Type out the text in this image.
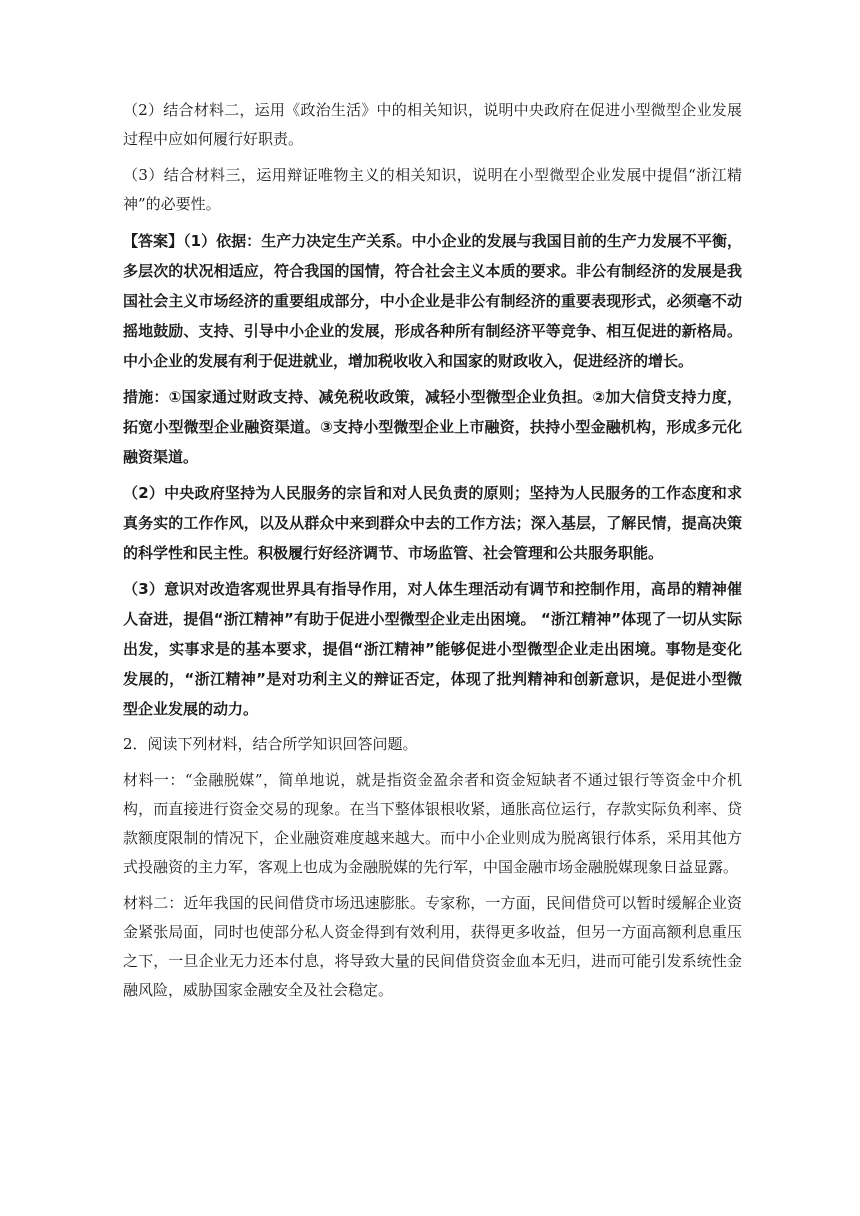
（2）结合材料二，运用《政治生活》中的相关知识，说明中央政府在促进小型微型企业发展过程中应如何履行好职责。

（3）结合材料三，运用辩证唯物主义的相关知识，说明在小型微型企业发展中提倡“浙江精神”的必要性。

【答案】（1）依据：生产力决定生产关系。中小企业的发展与我国目前的生产力发展不平衡，多层次的状况相适应，符合我国的国情，符合社会主义本质的要求。非公有制经济的发展是我国社会主义市场经济的重要组成部分，中小企业是非公有制经济的重要表现形式，必须毫不动摇地鼓励、支持、引导中小企业的发展，形成各种所有制经济平等竞争、相互促进的新格局。中小企业的发展有利于促进就业，增加税收收入和国家的财政收入，促进经济的增长。

措施：①国家通过财政支持、减免税收政策，减轻小型微型企业负担。②加大信贷支持力度，拓宽小型微型企业融资渠道。③支持小型微型企业上市融资，扶持小型金融机构，形成多元化融资渠道。

（2）中央政府坚持为人民服务的宗旨和对人民负责的原则；坚持为人民服务的工作态度和求真务实的工作作风，以及从群众中来到群众中去的工作方法；深入基层，了解民情，提高决策的科学性和民主性。积极履行好经济调节、市场监管、社会管理和公共服务职能。

（3）意识对改造客观世界具有指导作用，对人体生理活动有调节和控制作用，高昂的精神催人奋进，提倡“浙江精神”有助于促进小型微型企业走出困境。 “浙江精神”体现了一切从实际出发，实事求是的基本要求，提倡“浙江精神”能够促进小型微型企业走出困境。事物是变化发展的，“浙江精神”是对功利主义的辩证否定，体现了批判精神和创新意识，是促进小型微型企业发展的动力。

2．阅读下列材料，结合所学知识回答问题。

材料一：“金融脱媒”，简单地说，就是指资金盈余者和资金短缺者不通过银行等资金中介机构，而直接进行资金交易的现象。在当下整体银根收紧，通胀高位运行，存款实际负利率、贷款额度限制的情况下，企业融资难度越来越大。而中小企业则成为脱离银行体系，采用其他方式投融资的主力军，客观上也成为金融脱媒的先行军，中国金融市场金融脱媒现象日益显露。

材料二：近年我国的民间借贷市场迅速膨胀。专家称，一方面，民间借贷可以暂时缓解企业资金紧张局面，同时也使部分私人资金得到有效利用，获得更多收益，但另一方面高额利息重压之下，一旦企业无力还本付息，将导致大量的民间借贷资金血本无归，进而可能引发系统性金融风险，威胁国家金融安全及社会稳定。
